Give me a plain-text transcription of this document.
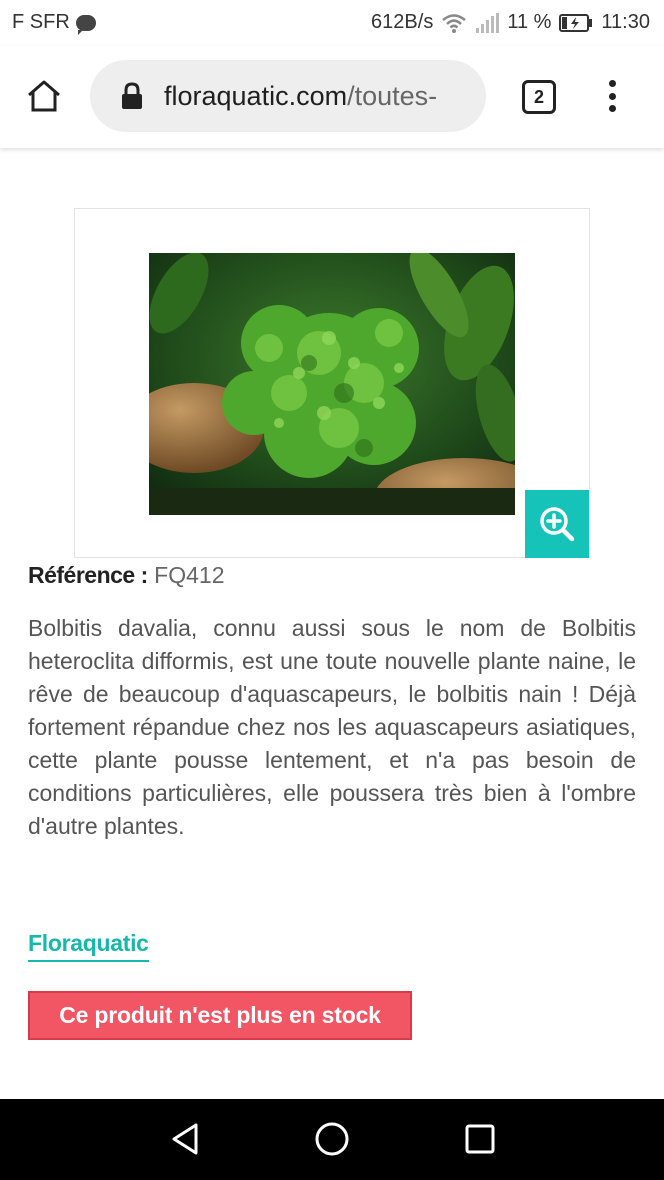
F SFR	612B/s	11 %	11:30
floraquatic.com/toutes-	2
Référence : FQ412

Bolbitis davalia, connu aussi sous le nom de Bolbitis heteroclita difformis, est une toute nouvelle plante naine, le rêve de beaucoup d'aquascapeurs, le bolbitis nain ! Déjà fortement répandue chez nos les aquascapeurs asiatiques, cette plante pousse lentement, et n'a pas besoin de conditions particulières, elle poussera très bien à l'ombre d'autre plantes.

Floraquatic
Ce produit n'est plus en stock
